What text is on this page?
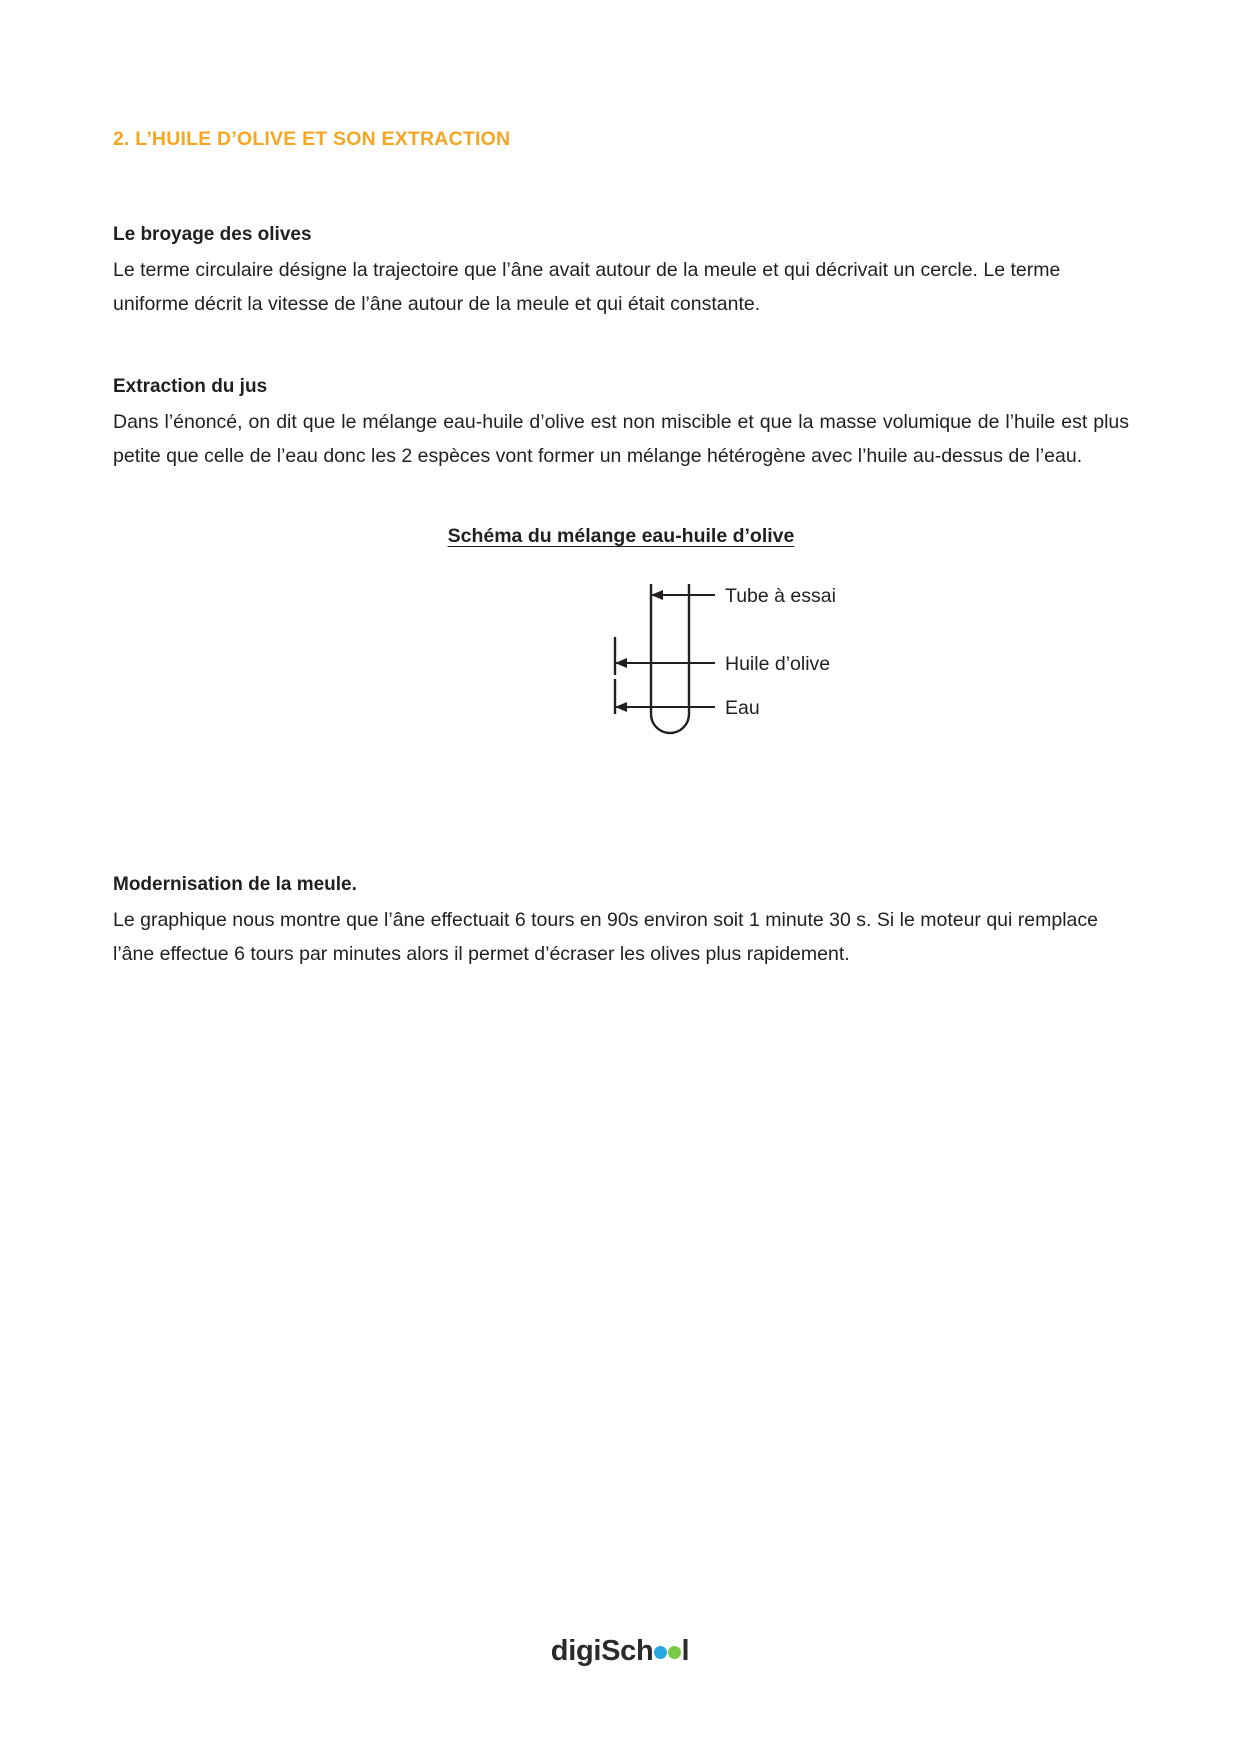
2. L’HUILE D’OLIVE ET SON EXTRACTION
Le broyage des olives

Le terme circulaire désigne la trajectoire que l’âne avait autour de la meule et qui décrivait un cercle. Le terme uniforme décrit la vitesse de l’âne autour de la meule et qui était constante.

Extraction du jus

Dans l’énoncé, on dit que le mélange eau-huile d’olive est non miscible et que la masse volumique de l’huile est plus petite que celle de l’eau donc les 2 espèces vont former un mélange hétérogène avec l’huile au-dessus de l’eau.

Schéma du mélange eau-huile d’olive
Tube à essai
Huile d’olive
Eau
Modernisation de la meule.

Le graphique nous montre que l’âne effectuait 6 tours en 90s environ soit 1 minute 30 s. Si le moteur qui remplace l’âne effectue 6 tours par minutes alors il permet d’écraser les olives plus rapidement.

digiSch l
